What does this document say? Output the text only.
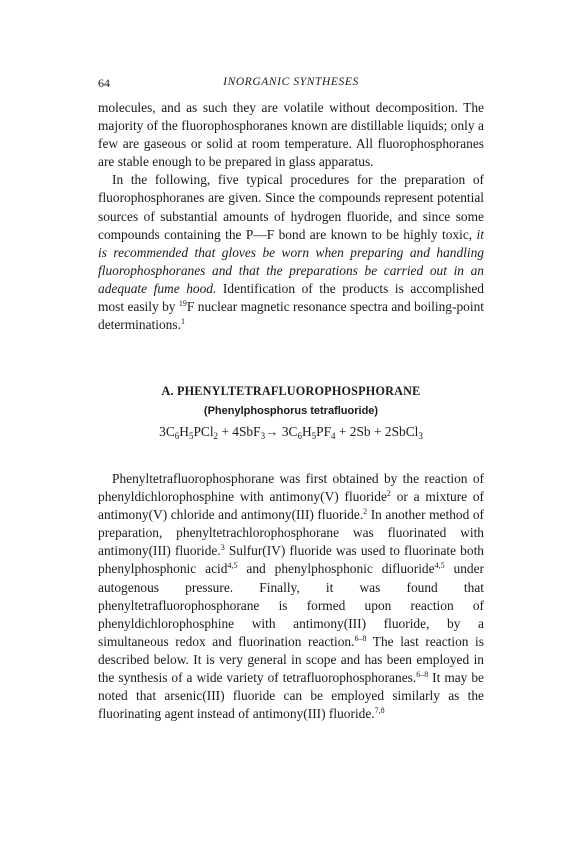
64	INORGANIC SYNTHESES

molecules, and as such they are volatile without decomposition. The majority of the fluorophosphoranes known are distillable liquids; only a few are gaseous or solid at room temperature. All fluorophosphoranes are stable enough to be prepared in glass apparatus.

In the following, five typical procedures for the preparation of fluorophosphoranes are given. Since the compounds represent potential sources of substantial amounts of hydrogen fluoride, and since some compounds containing the P—F bond are known to be highly toxic, it is recommended that gloves be worn when preparing and handling fluorophosphoranes and that the preparations be carried out in an adequate fume hood. Identification of the products is accomplished most easily by $^{19}$F nuclear magnetic resonance spectra and boiling-point determinations.$^1$

A. PHENYLTETRAFLUOROPHOSPHORANE
(Phenylphosphorus tetrafluoride)
$3C_6H_5PCl_2 + 4SbF_3\to 3C_6H_5PF_4 + 2Sb$ + 2SbCl$_3$

Phenyltetrafluorophosphorane was first obtained by the reaction of phenyldichlorophosphine with antimony(V) fluoride$^2$ or a mixture of antimony(V) chloride and antimony(III) fluoride.$^2$ In another method of preparation, phenyltetrachlorophosphorane was fluorinated with antimony(III) fluoride.$^3$ Sulfur(IV) fluoride was used to fluorinate both phenylphosphonic acid$^{4,5}$ and phenylphosphonic difluoride$^{4,5}$ under autogenous pressure. Finally, it was found that phenyltetrafluorophosphorane is formed upon reaction of phenyldichlorophosphine with antimony(III) fluoride, by a simultaneous redox and fluorination reaction.$^{6-8}$ The last reaction is described below. It is very general in scope and has been employed in the synthesis of a wide variety of tetrafluorophosphoranes.$^{6-8}$ It may be noted that arsenic(III) fluoride can be employed similarly as the fluorinating agent instead of antimony(III) fluoride.$^{7,8}$
